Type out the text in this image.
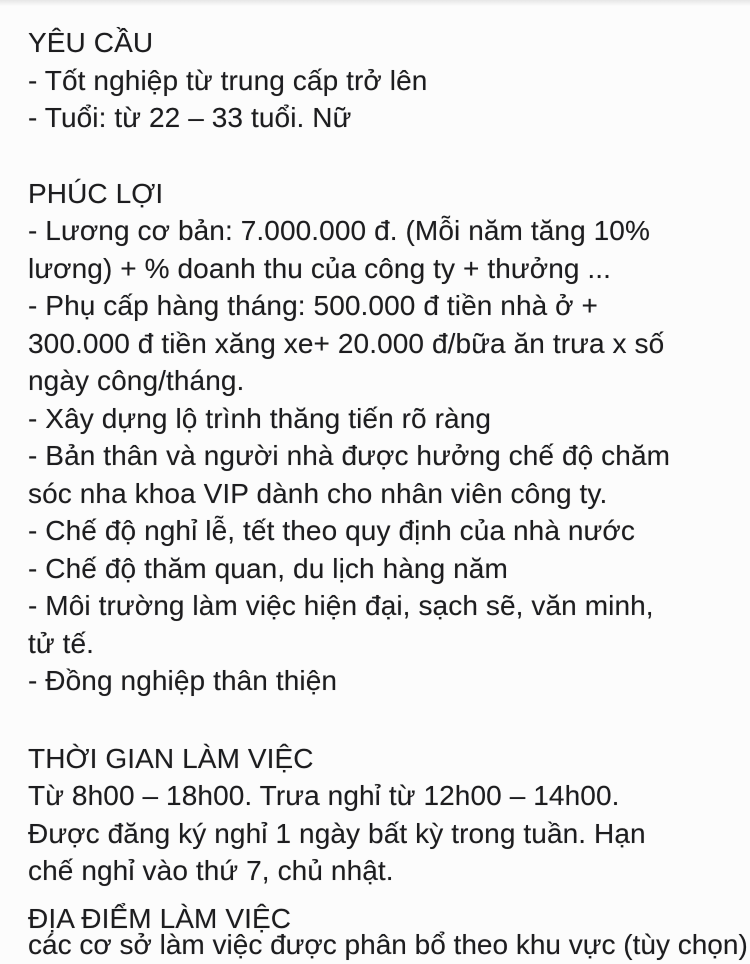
YÊU CẦU
- Tốt nghiệp từ trung cấp trở lên
- Tuổi: từ 22 – 33 tuổi. Nữ
PHÚC LỢI
- Lương cơ bản: 7.000.000 đ. (Mỗi năm tăng 10%
lương) + % doanh thu của công ty + thưởng ...
- Phụ cấp hàng tháng: 500.000 đ tiền nhà ở +
300.000 đ tiền xăng xe+ 20.000 đ/bữa ăn trưa x số
ngày công/tháng.
- Xây dựng lộ trình thăng tiến rõ ràng
- Bản thân và người nhà được hưởng chế độ chăm
sóc nha khoa VIP dành cho nhân viên công ty.
- Chế độ nghỉ lễ, tết theo quy định của nhà nước
- Chế độ thăm quan, du lịch hàng năm
- Môi trường làm việc hiện đại, sạch sẽ, văn minh,
tử tế.
- Đồng nghiệp thân thiện
THỜI GIAN LÀM VIỆC
Từ 8h00 – 18h00. Trưa nghỉ từ 12h00 – 14h00.
Được đăng ký nghỉ 1 ngày bất kỳ trong tuần. Hạn
chế nghỉ vào thứ 7, chủ nhật.
ĐỊA ĐIỂM LÀM VIỆC
các cơ sở làm việc được phân bổ theo khu vực (tùy chọn)
